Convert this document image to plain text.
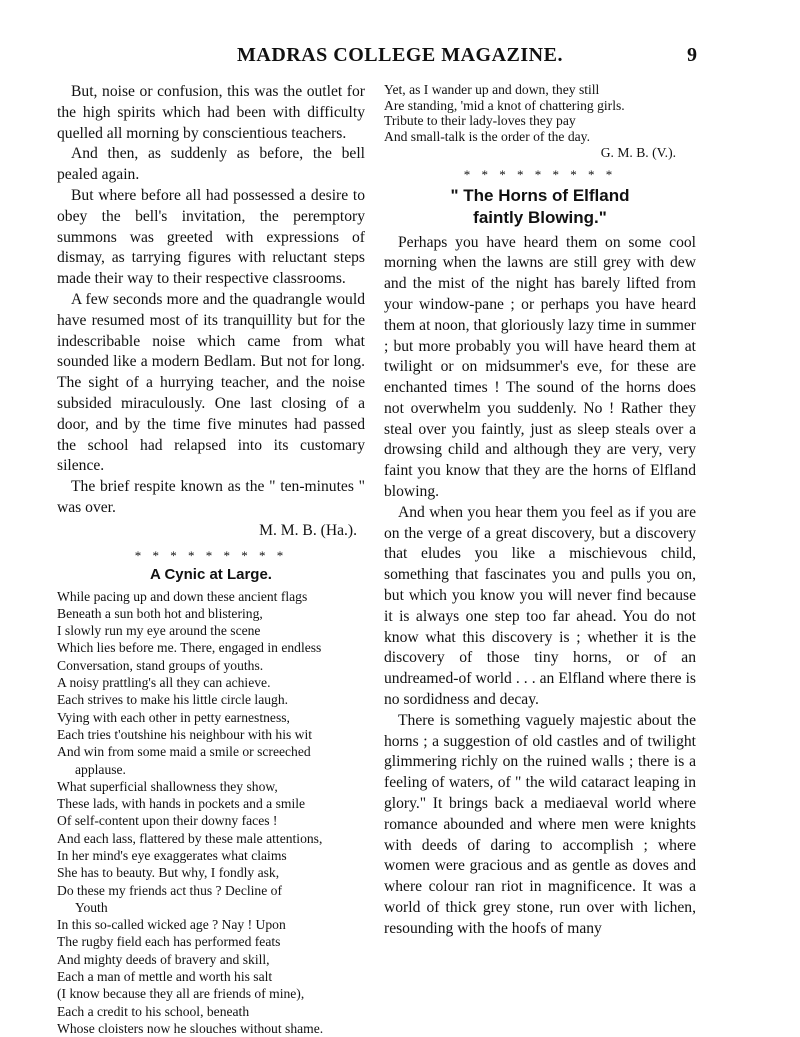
MADRAS COLLEGE MAGAZINE.	9

But, noise or confusion, this was the outlet for the high spirits which had been with difficulty quelled all morning by conscientious teachers.

And then, as suddenly as before, the bell pealed again.

But where before all had possessed a desire to obey the bell's invitation, the peremptory summons was greeted with expressions of dismay, as tarrying figures with reluctant steps made their way to their respective classrooms.

A few seconds more and the quadrangle would have resumed most of its tranquillity but for the indescribable noise which came from what sounded like a modern Bedlam. But not for long. The sight of a hurrying teacher, and the noise subsided miraculously. One last closing of a door, and by the time five minutes had passed the school had relapsed into its customary silence.

The brief respite known as the " ten-minutes " was over.

M. M. B. (Ha.).

* * * * * * * * *
A Cynic at Large.
While pacing up and down these ancient flags
Beneath a sun both hot and blistering,
I slowly run my eye around the scene
Which lies before me. There, engaged in endless
Conversation, stand groups of youths.
A noisy prattling's all they can achieve.
Each strives to make his little circle laugh.
Vying with each other in petty earnestness,
Each tries t'outshine his neighbour with his wit
And win from some maid a smile or screeched
applause.
What superficial shallowness they show,
These lads, with hands in pockets and a smile
Of self-content upon their downy faces !
And each lass, flattered by these male attentions,
In her mind's eye exaggerates what claims
She has to beauty. But why, I fondly ask,
Do these my friends act thus ? Decline of
Youth
In this so-called wicked age ? Nay ! Upon
The rugby field each has performed feats
And mighty deeds of bravery and skill,
Each a man of mettle and worth his salt
(I know because they all are friends of mine),
Each a credit to his school, beneath
Whose cloisters now he slouches without shame.
Yet, as I wander up and down, they still
Are standing, 'mid a knot of chattering girls.
Tribute to their lady-loves they pay
And small-talk is the order of the day.
G. M. B. (V.).
* * * * * * * * *
" The Horns of Elfland
faintly Blowing."

Perhaps you have heard them on some cool morning when the lawns are still grey with dew and the mist of the night has barely lifted from your window-pane ; or perhaps you have heard them at noon, that gloriously lazy time in summer ; but more probably you will have heard them at twilight or on midsummer's eve, for these are enchanted times ! The sound of the horns does not overwhelm you suddenly. No ! Rather they steal over you faintly, just as sleep steals over a drowsing child and although they are very, very faint you know that they are the horns of Elfland blowing.

And when you hear them you feel as if you are on the verge of a great discovery, but a discovery that eludes you like a mischievous child, something that fascinates you and pulls you on, but which you know you will never find because it is always one step too far ahead. You do not know what this discovery is ; whether it is the discovery of those tiny horns, or of an undreamed-of world . . . an Elfland where there is no sordidness and decay.

There is something vaguely majestic about the horns ; a suggestion of old castles and of twilight glimmering richly on the ruined walls ; there is a feeling of waters, of " the wild cataract leaping in glory." It brings back a mediaeval world where romance abounded and where men were knights with deeds of daring to accomplish ; where women were gracious and as gentle as doves and where colour ran riot in magnificence. It was a world of thick grey stone, run over with lichen, resounding with the hoofs of many
